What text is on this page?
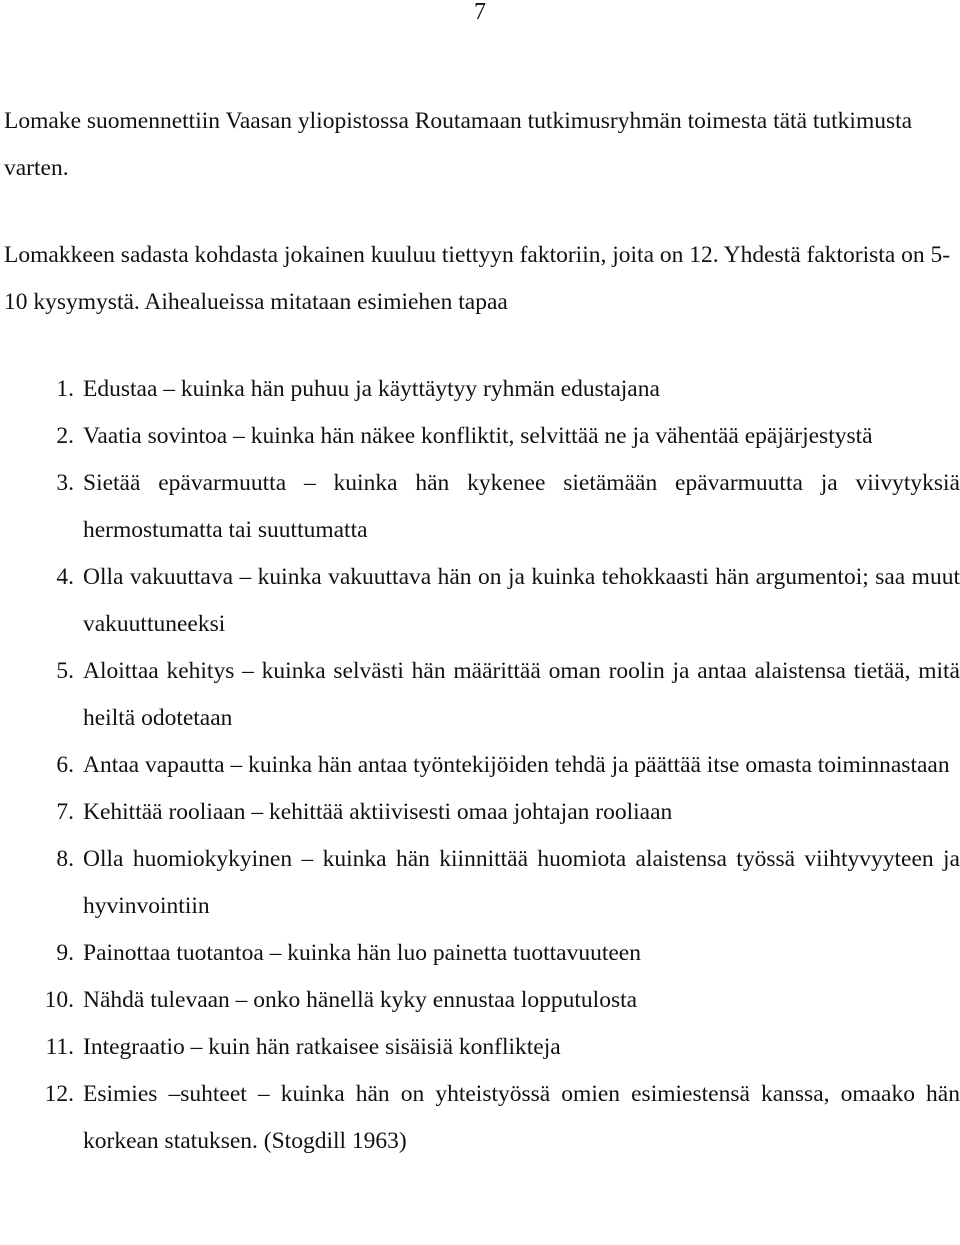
7

Lomake suomennettiin Vaasan yliopistossa Routamaan tutkimusryhmän toimesta tätä tutkimusta varten.

Lomakkeen sadasta kohdasta jokainen kuuluu tiettyyn faktoriin, joita on 12. Yhdestä faktorista on 5-10 kysymystä. Aihealueissa mitataan esimiehen tapaa

1. Edustaa – kuinka hän puhuu ja käyttäytyy ryhmän edustajana
2. Vaatia sovintoa – kuinka hän näkee konfliktit, selvittää ne ja vähentää epäjärjestystä
3. Sietää epävarmuutta – kuinka hän kykenee sietämään epävarmuutta ja viivytyksiä hermostumatta tai suuttumatta
4. Olla vakuuttava – kuinka vakuuttava hän on ja kuinka tehokkaasti hän argumentoi; saa muut vakuuttuneeksi
5. Aloittaa kehitys – kuinka selvästi hän määrittää oman roolin ja antaa alaistensa tietää, mitä heiltä odotetaan
6. Antaa vapautta – kuinka hän antaa työntekijöiden tehdä ja päättää itse omasta toiminnastaan
7. Kehittää rooliaan – kehittää aktiivisesti omaa johtajan rooliaan
8. Olla huomiokykyinen – kuinka hän kiinnittää huomiota alaistensa työssä viihtyvyyteen ja hyvinvointiin
9. Painottaa tuotantoa – kuinka hän luo painetta tuottavuuteen
10. Nähdä tulevaan – onko hänellä kyky ennustaa lopputulosta
11. Integraatio – kuin hän ratkaisee sisäisiä konflikteja
12. Esimies –suhteet – kuinka hän on yhteistyössä omien esimiestensä kanssa, omaako hän korkean statuksen. (Stogdill 1963)
